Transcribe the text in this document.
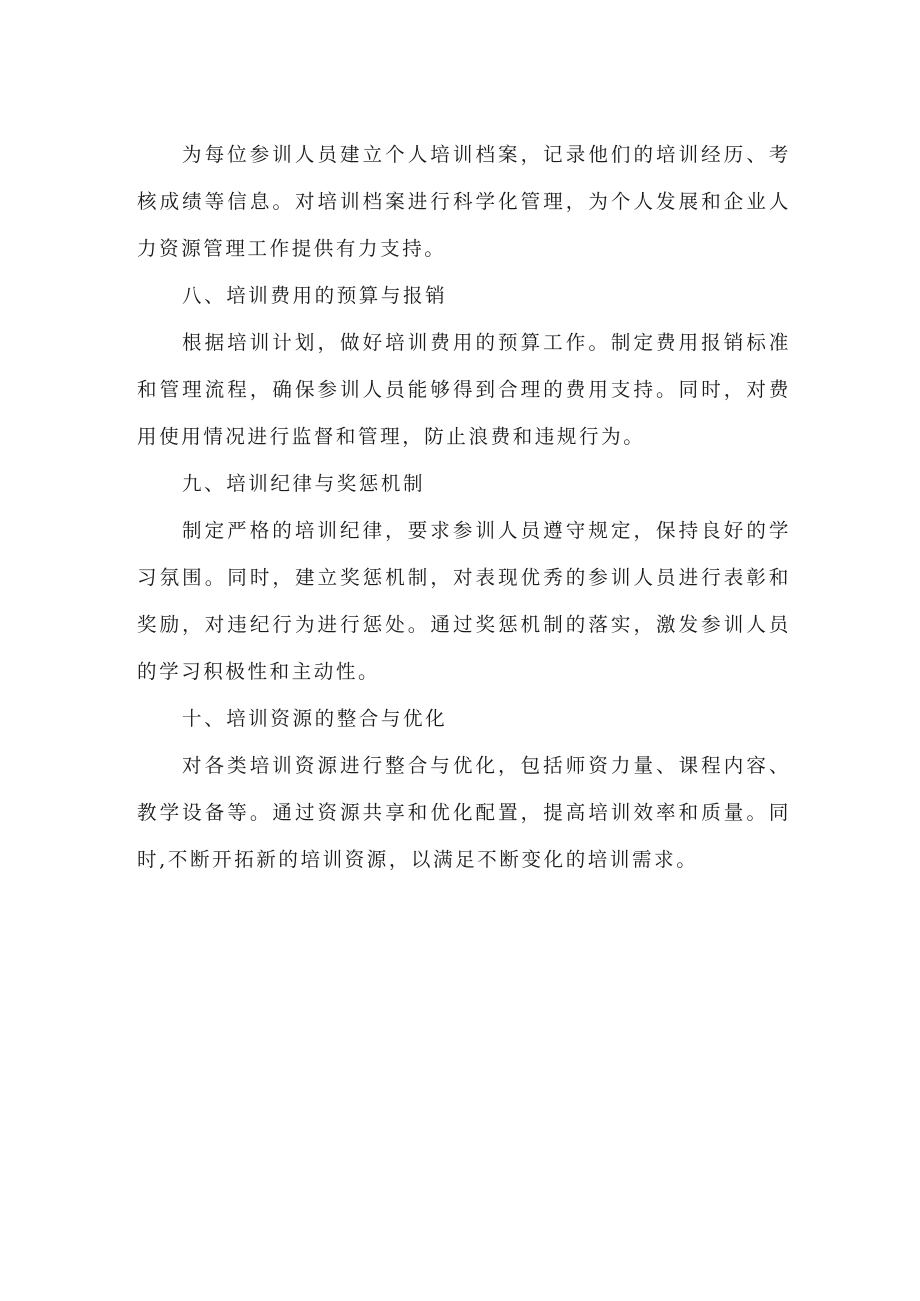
为每位参训人员建立个人培训档案，记录他们的培训经历、考核成绩等信息。对培训档案进行科学化管理，为个人发展和企业人力资源管理工作提供有力支持。

八、培训费用的预算与报销

根据培训计划，做好培训费用的预算工作。制定费用报销标准和管理流程，确保参训人员能够得到合理的费用支持。同时，对费用使用情况进行监督和管理，防止浪费和违规行为。

九、培训纪律与奖惩机制

制定严格的培训纪律，要求参训人员遵守规定，保持良好的学习氛围。同时，建立奖惩机制，对表现优秀的参训人员进行表彰和奖励，对违纪行为进行惩处。通过奖惩机制的落实，激发参训人员的学习积极性和主动性。

十、培训资源的整合与优化

对各类培训资源进行整合与优化，包括师资力量、课程内容、教学设备等。通过资源共享和优化配置，提高培训效率和质量。同时,不断开拓新的培训资源，以满足不断变化的培训需求。
